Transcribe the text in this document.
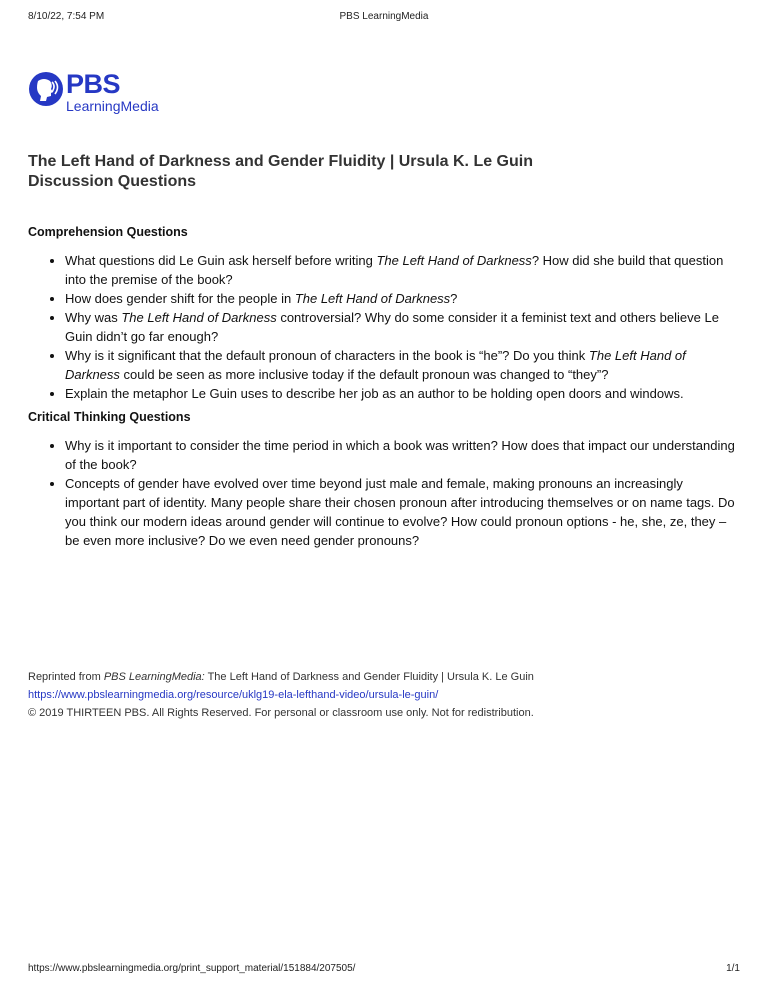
8/10/22, 7:54 PM	PBS LearningMedia
PBS
LearningMedia
The Left Hand of Darkness and Gender Fluidity | Ursula K. Le Guin
Discussion Questions
Comprehension Questions
• What questions did Le Guin ask herself before writing The Left Hand of Darkness? How did she build that question into the premise of the book?
• How does gender shift for the people in The Left Hand of Darkness?
• Why was The Left Hand of Darkness controversial? Why do some consider it a feminist text and others believe Le Guin didn’t go far enough?
• Why is it significant that the default pronoun of characters in the book is “he”? Do you think The Left Hand of Darkness could be seen as more inclusive today if the default pronoun was changed to “they”?
• Explain the metaphor Le Guin uses to describe her job as an author to be holding open doors and windows.
Critical Thinking Questions
• Why is it important to consider the time period in which a book was written? How does that impact our understanding of the book?
• Concepts of gender have evolved over time beyond just male and female, making pronouns an increasingly important part of identity. Many people share their chosen pronoun after introducing themselves or on name tags. Do you think our modern ideas around gender will continue to evolve? How could pronoun options - he, she, ze, they – be even more inclusive? Do we even need gender pronouns?
Reprinted from PBS LearningMedia: The Left Hand of Darkness and Gender Fluidity | Ursula K. Le Guin
https://www.pbslearningmedia.org/resource/uklg19-ela-lefthand-video/ursula-le-guin/
© 2019 THIRTEEN PBS. All Rights Reserved. For personal or classroom use only. Not for redistribution.
https://www.pbslearningmedia.org/print_support_material/151884/207505/	1/1
